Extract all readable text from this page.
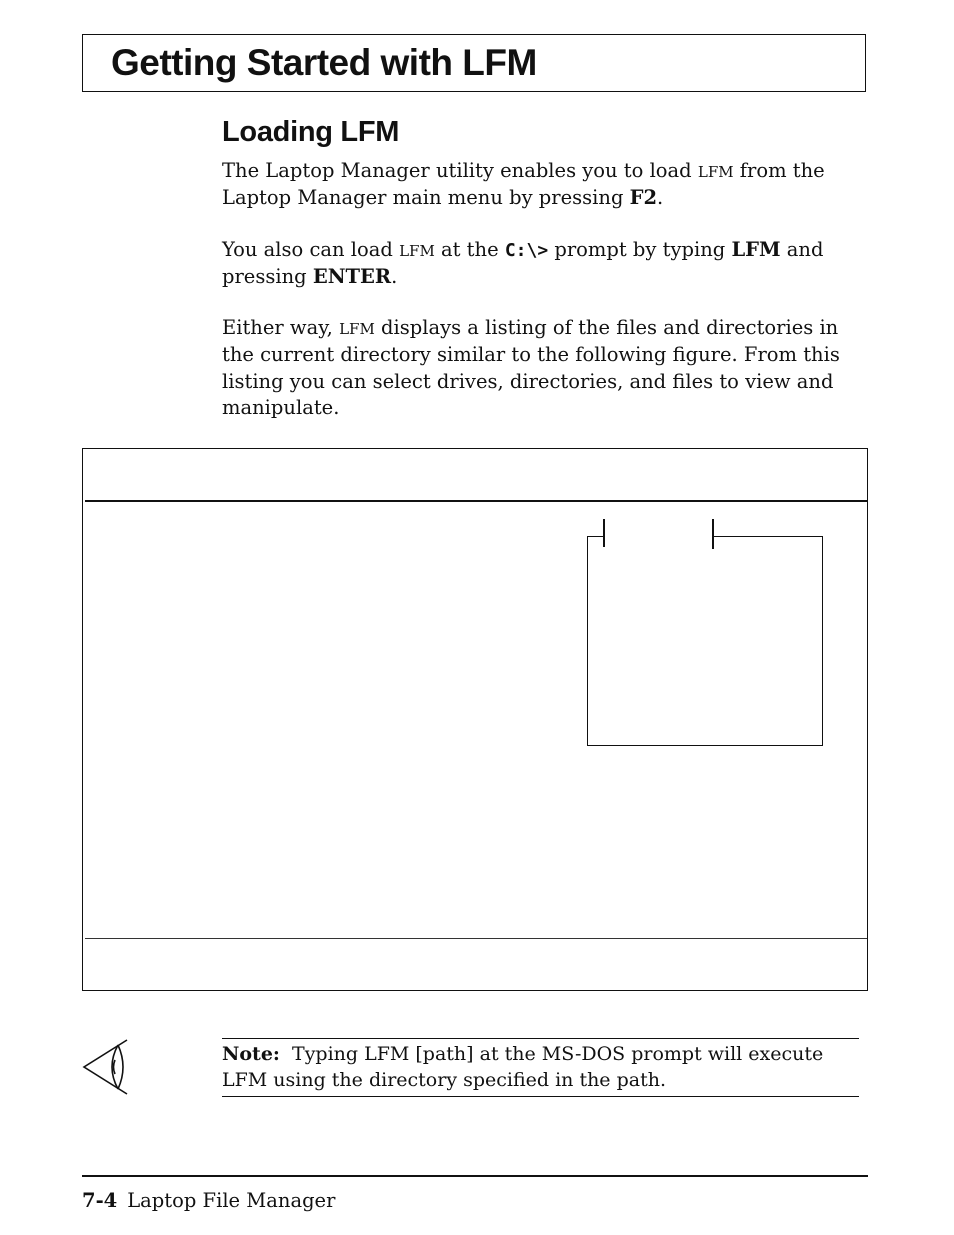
Getting Started with LFM
Loading LFM

The Laptop Manager utility enables you to load LFM from the Laptop Manager main menu by pressing F2.

You also can load LFM at the C:\> prompt by typing LFM and pressing ENTER.

Either way, LFM displays a listing of the files and directories in the current directory similar to the following figure. From this listing you can select drives, directories, and files to view and manipulate.

Note: Typing LFM [path] at the MS-DOS prompt will execute LFM using the directory specified in the path.

7-4 Laptop File Manager
